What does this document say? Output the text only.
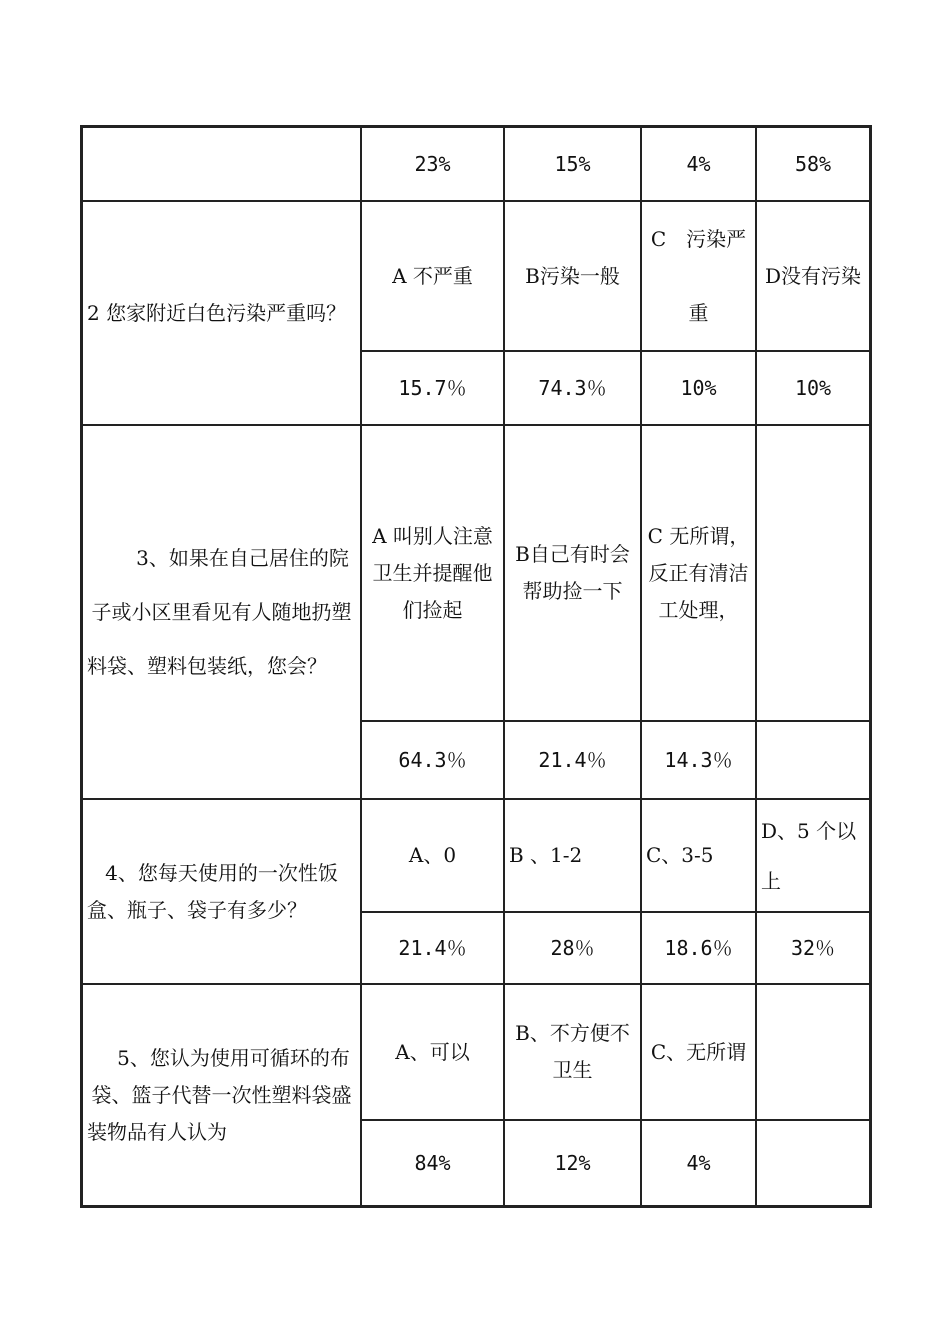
	23%	15%	4%	58%
2 您家附近白色污染严重吗？	A 不严重	B污染一般	C　污染严重	D没有污染
	15.7％	74.3％	10%	10%
3、如果在自己居住的院子或小区里看见有人随地扔塑料袋、塑料包装纸，您会？	A 叫别人注意卫生并提醒他们捡起	B自己有时会帮助捡一下	C 无所谓，反正有清洁工处理，	
	64.3％	21.4％	14.3％	
4、您每天使用的一次性饭盒、瓶子、袋子有多少？	A、0	B 、1-2	C、3-5	D、5 个以上
	21.4％	28％	18.6％	32％
5、您认为使用可循环的布袋、篮子代替一次性塑料袋盛装物品有人认为	A、可以	B、不方便不卫生	C、无所谓	
	84%	12%	4%	
